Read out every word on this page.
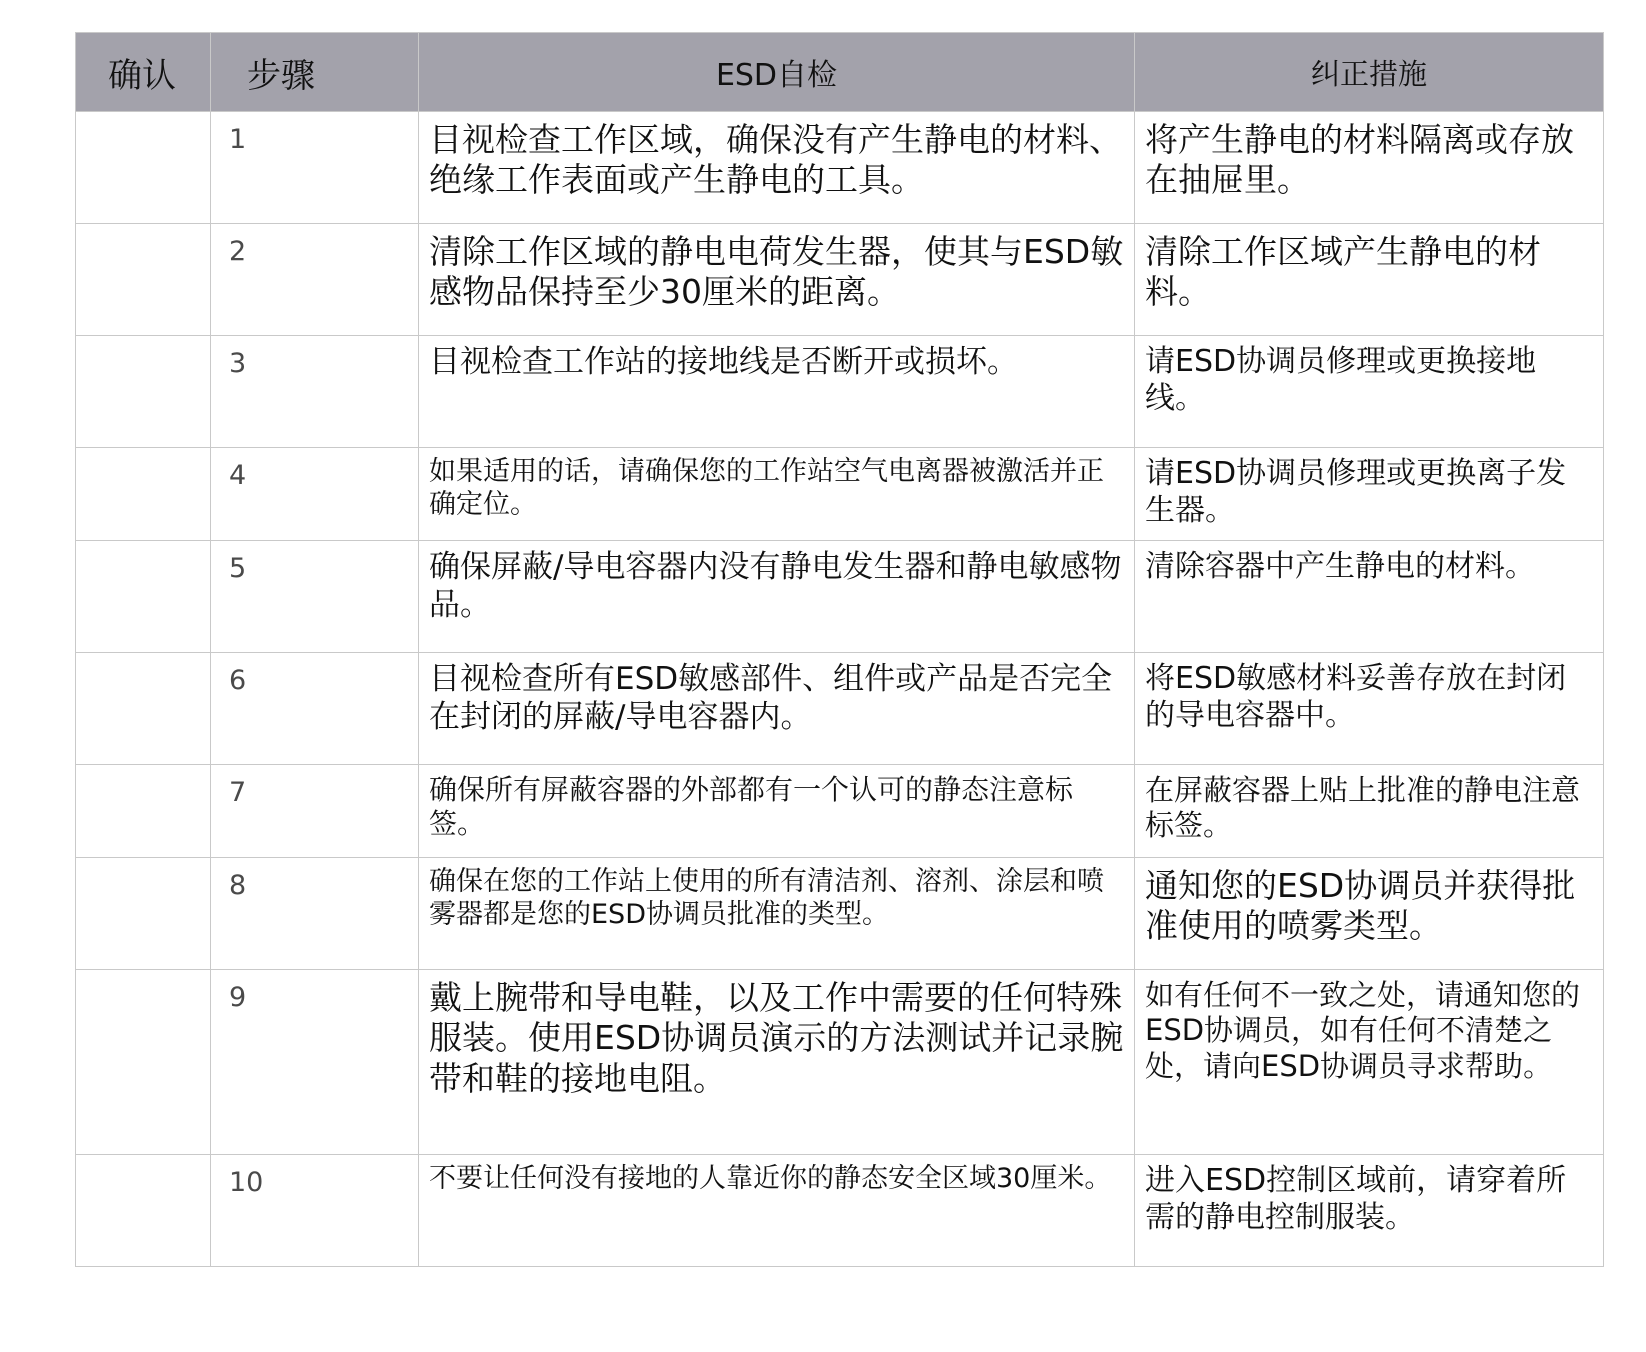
确认	步骤	ESD自检	纠正措施
	1	目视检查工作区域，确保没有产生静电的材料、绝缘工作表面或产生静电的工具。	将产生静电的材料隔离或存放在抽屉里。
	2	清除工作区域的静电电荷发生器，使其与ESD敏感物品保持至少30厘米的距离。	清除工作区域产生静电的材料。
	3	目视检查工作站的接地线是否断开或损坏。	请ESD协调员修理或更换接地线。
	4	如果适用的话，请确保您的工作站空气电离器被激活并正确定位。	请ESD协调员修理或更换离子发生器。
	5	确保屏蔽/导电容器内没有静电发生器和静电敏感物品。	清除容器中产生静电的材料。
	6	目视检查所有ESD敏感部件、组件或产品是否完全在封闭的屏蔽/导电容器内。	将ESD敏感材料妥善存放在封闭的导电容器中。
	7	确保所有屏蔽容器的外部都有一个认可的静态注意标签。	在屏蔽容器上贴上批准的静电注意标签。
	8	确保在您的工作站上使用的所有清洁剂、溶剂、涂层和喷雾器都是您的ESD协调员批准的类型。	通知您的ESD协调员并获得批准使用的喷雾类型。
	9	戴上腕带和导电鞋，以及工作中需要的任何特殊服装。使用ESD协调员演示的方法测试并记录腕带和鞋的接地电阻。	如有任何不一致之处，请通知您的ESD协调员，如有任何不清楚之处，请向ESD协调员寻求帮助。
	10	不要让任何没有接地的人靠近你的静态安全区域30厘米。	进入ESD控制区域前，请穿着所需的静电控制服装。
